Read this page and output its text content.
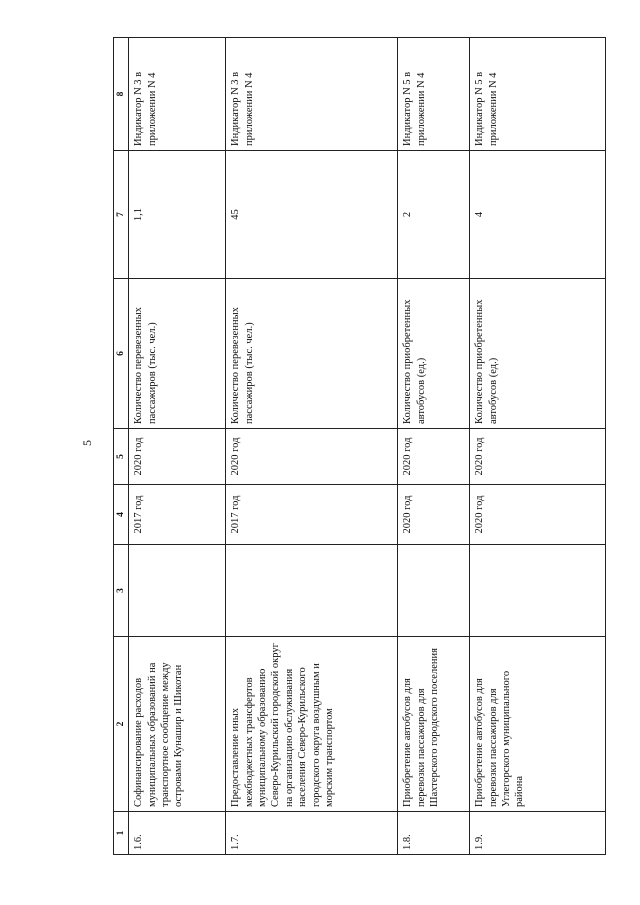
5
1	2	3	4	5	6	7	8
1.6.	Софинансирование расходов муниципальных образований на транспортное сообщение между островами Кунашир и Шикотан		2017 год	2020 год	Количество перевезенных пассажиров (тыс. чел.)	1,1	Индикатор N 3 в приложении N 4
1.7.	Предоставление иных межбюджетных трансфертов муниципальному образованию Северо-Курильский городской округ на организацию обслуживания населения Северо-Курильского городского округа воздушным и морским транспортом		2017 год	2020 год	Количество перевезенных пассажиров (тыс. чел.)	45	Индикатор N 3 в приложении N 4
1.8.	Приобретение автобусов для перевозки пассажиров для Шахтерского городского поселения		2020 год	2020 год	Количество приобретенных автобусов (ед.)	2	Индикатор N 5 в приложении N 4
1.9.	Приобретение автобусов для перевозки пассажиров для Углегорского муниципального района		2020 год	2020 год	Количество приобретенных автобусов (ед.)	4	Индикатор N 5 в приложении N 4
